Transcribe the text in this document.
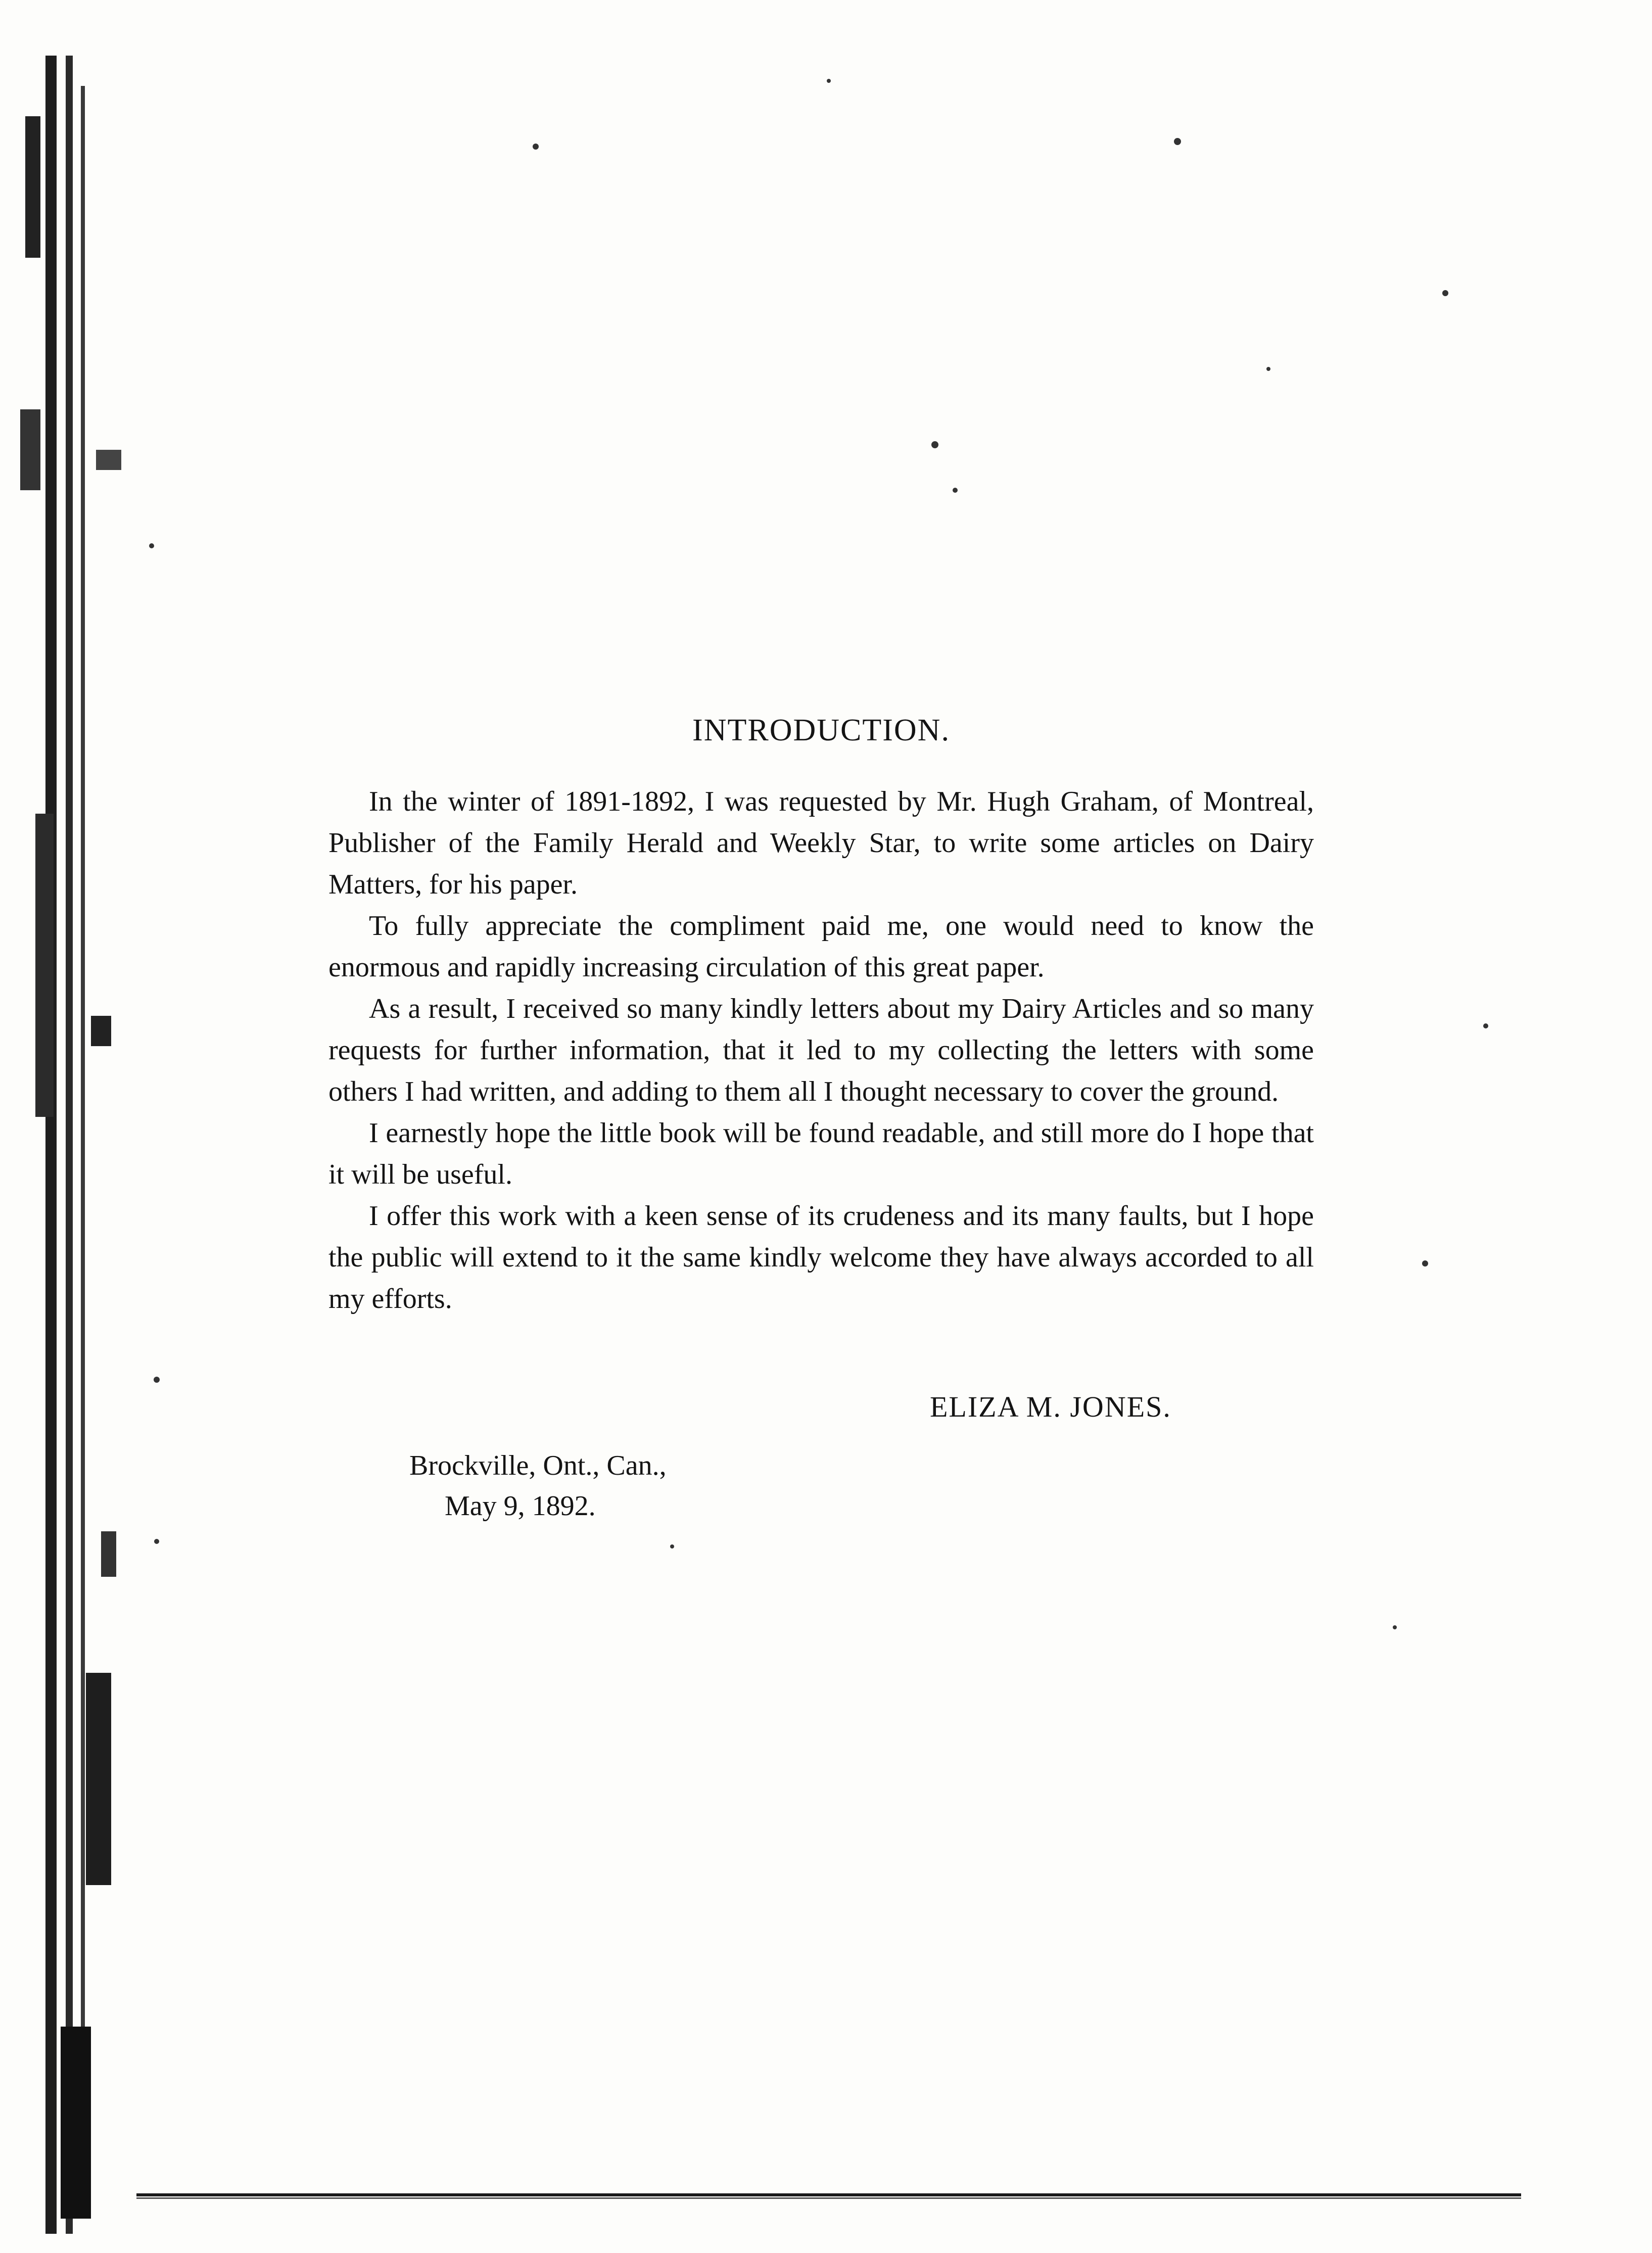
INTRODUCTION.

In the winter of 1891-1892, I was requested by Mr. Hugh Graham, of Montreal, Publisher of the Family Herald and Weekly Star, to write some articles on Dairy Matters, for his paper.

To fully appreciate the compliment paid me, one would need to know the enormous and rapidly increasing circulation of this great paper.

As a result, I received so many kindly letters about my Dairy Articles and so many requests for further information, that it led to my collecting the letters with some others I had written, and adding to them all I thought necessary to cover the ground.

I earnestly hope the little book will be found readable, and still more do I hope that it will be useful.

I offer this work with a keen sense of its crudeness and its many faults, but I hope the public will extend to it the same kindly welcome they have always accorded to all my efforts.

ELIZA M. JONES.
Brockville, Ont., Can.,
May 9, 1892.
